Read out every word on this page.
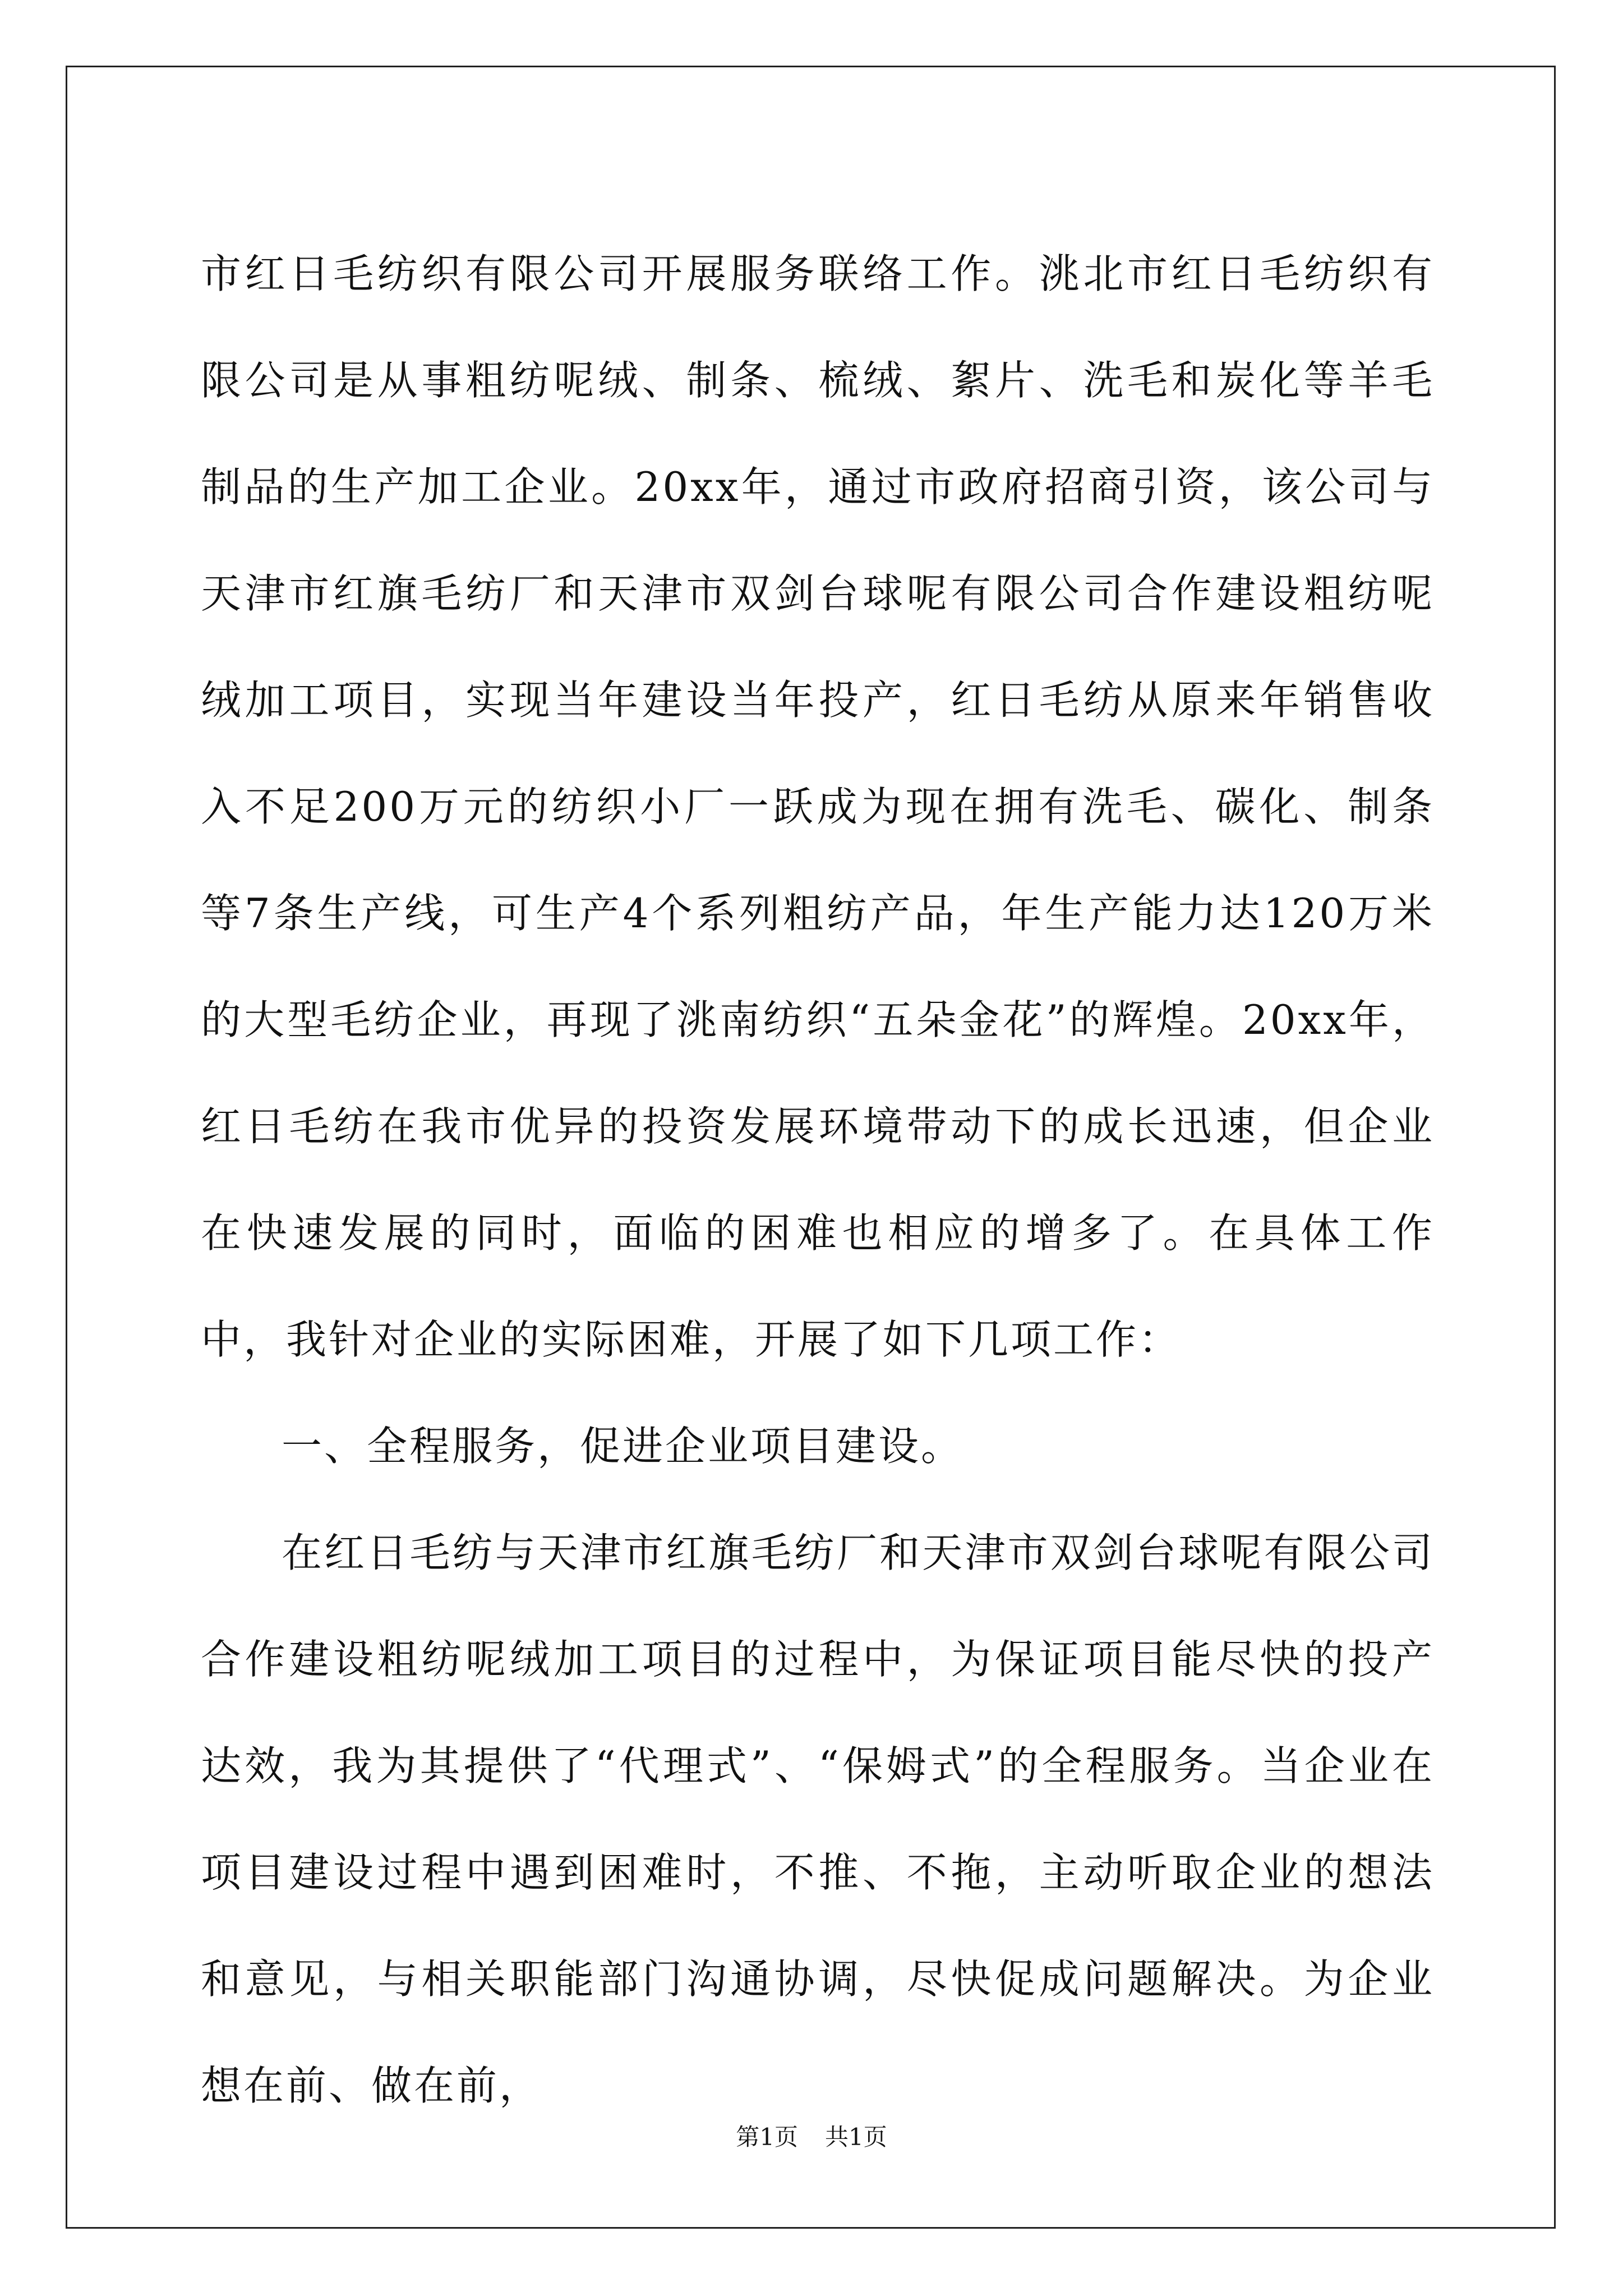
市红日毛纺织有限公司开展服务联络工作。洮北市红日毛纺织有限公司是从事粗纺呢绒、制条、梳绒、絮片、洗毛和炭化等羊毛制品的生产加工企业。20xx年，通过市政府招商引资，该公司与天津市红旗毛纺厂和天津市双剑台球呢有限公司合作建设粗纺呢绒加工项目，实现当年建设当年投产，红日毛纺从原来年销售收入不足200万元的纺织小厂一跃成为现在拥有洗毛、碳化、制条等7条生产线，可生产4个系列粗纺产品，年生产能力达120万米的大型毛纺企业，再现了洮南纺织“五朵金花”的辉煌。20xx年，红日毛纺在我市优异的投资发展环境带动下的成长迅速，但企业在快速发展的同时，面临的困难也相应的增多了。在具体工作中，我针对企业的实际困难，开展了如下几项工作：

一、全程服务，促进企业项目建设。

在红日毛纺与天津市红旗毛纺厂和天津市双剑台球呢有限公司合作建设粗纺呢绒加工项目的过程中，为保证项目能尽快的投产达效，我为其提供了“代理式”、“保姆式”的全程服务。当企业在项目建设过程中遇到困难时，不推、不拖，主动听取企业的想法和意见，与相关职能部门沟通协调，尽快促成问题解决。为企业想在前、做在前，

第1页 共1页
